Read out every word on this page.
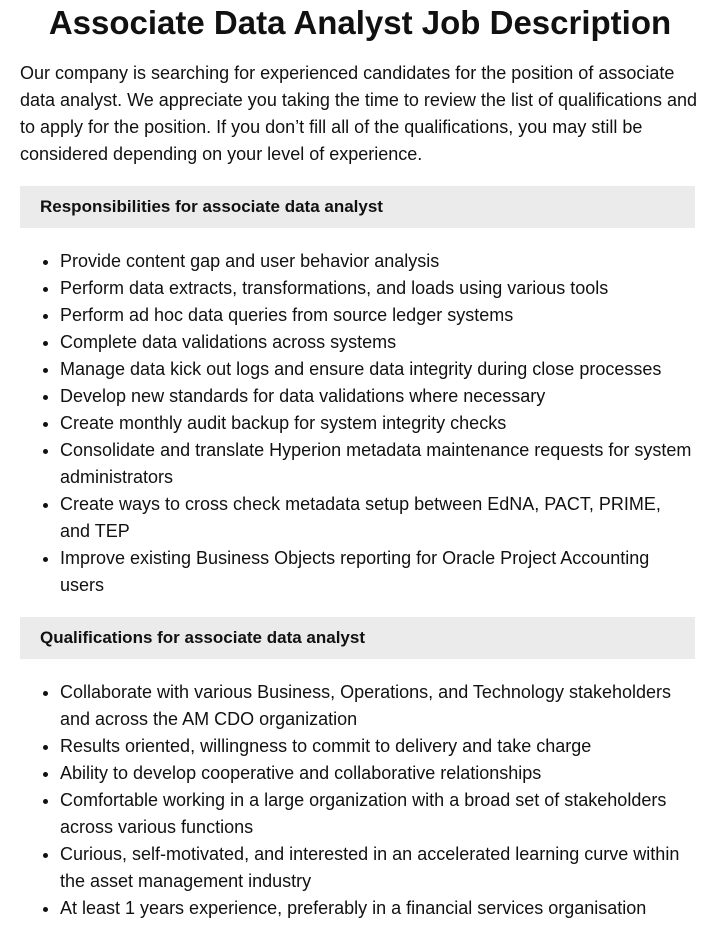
Associate Data Analyst Job Description

Our company is searching for experienced candidates for the position of associate data analyst. We appreciate you taking the time to review the list of qualifications and to apply for the position. If you don’t fill all of the qualifications, you may still be considered depending on your level of experience.

Responsibilities for associate data analyst
• Provide content gap and user behavior analysis
• Perform data extracts, transformations, and loads using various tools
• Perform ad hoc data queries from source ledger systems
• Complete data validations across systems
• Manage data kick out logs and ensure data integrity during close processes
• Develop new standards for data validations where necessary
• Create monthly audit backup for system integrity checks
• Consolidate and translate Hyperion metadata maintenance requests for system administrators
• Create ways to cross check metadata setup between EdNA, PACT, PRIME, and TEP
• Improve existing Business Objects reporting for Oracle Project Accounting users
Qualifications for associate data analyst
• Collaborate with various Business, Operations, and Technology stakeholders and across the AM CDO organization
• Results oriented, willingness to commit to delivery and take charge
• Ability to develop cooperative and collaborative relationships
• Comfortable working in a large organization with a broad set of stakeholders across various functions
• Curious, self-motivated, and interested in an accelerated learning curve within the asset management industry
• At least 1 years experience, preferably in a financial services organisation
